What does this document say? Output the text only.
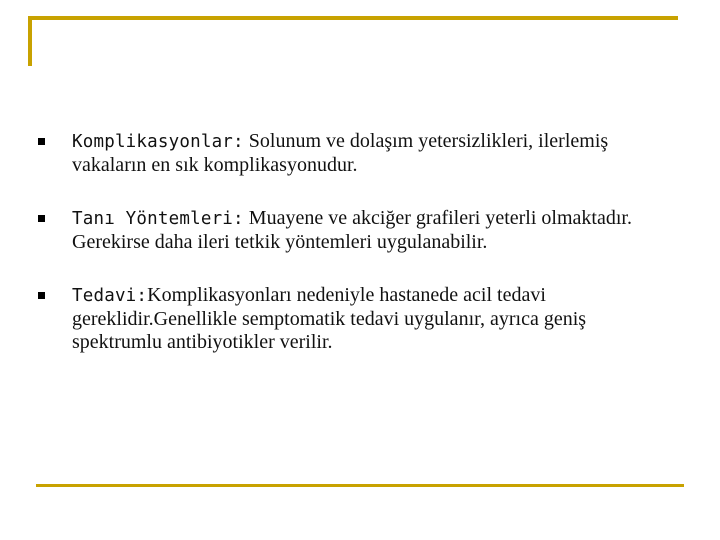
Komplikasyonlar: Solunum ve dolaşım yetersizlikleri, ilerlemiş vakaların en sık komplikasyonudur.
Tanı Yöntemleri: Muayene ve akciğer grafileri yeterli olmaktadır. Gerekirse daha ileri tetkik yöntemleri uygulanabilir.
Tedavi:Komplikasyonları nedeniyle hastanede acil tedavi gereklidir.Genellikle semptomatik tedavi uygulanır, ayrıca geniş spektrumlu antibiyotikler verilir.
